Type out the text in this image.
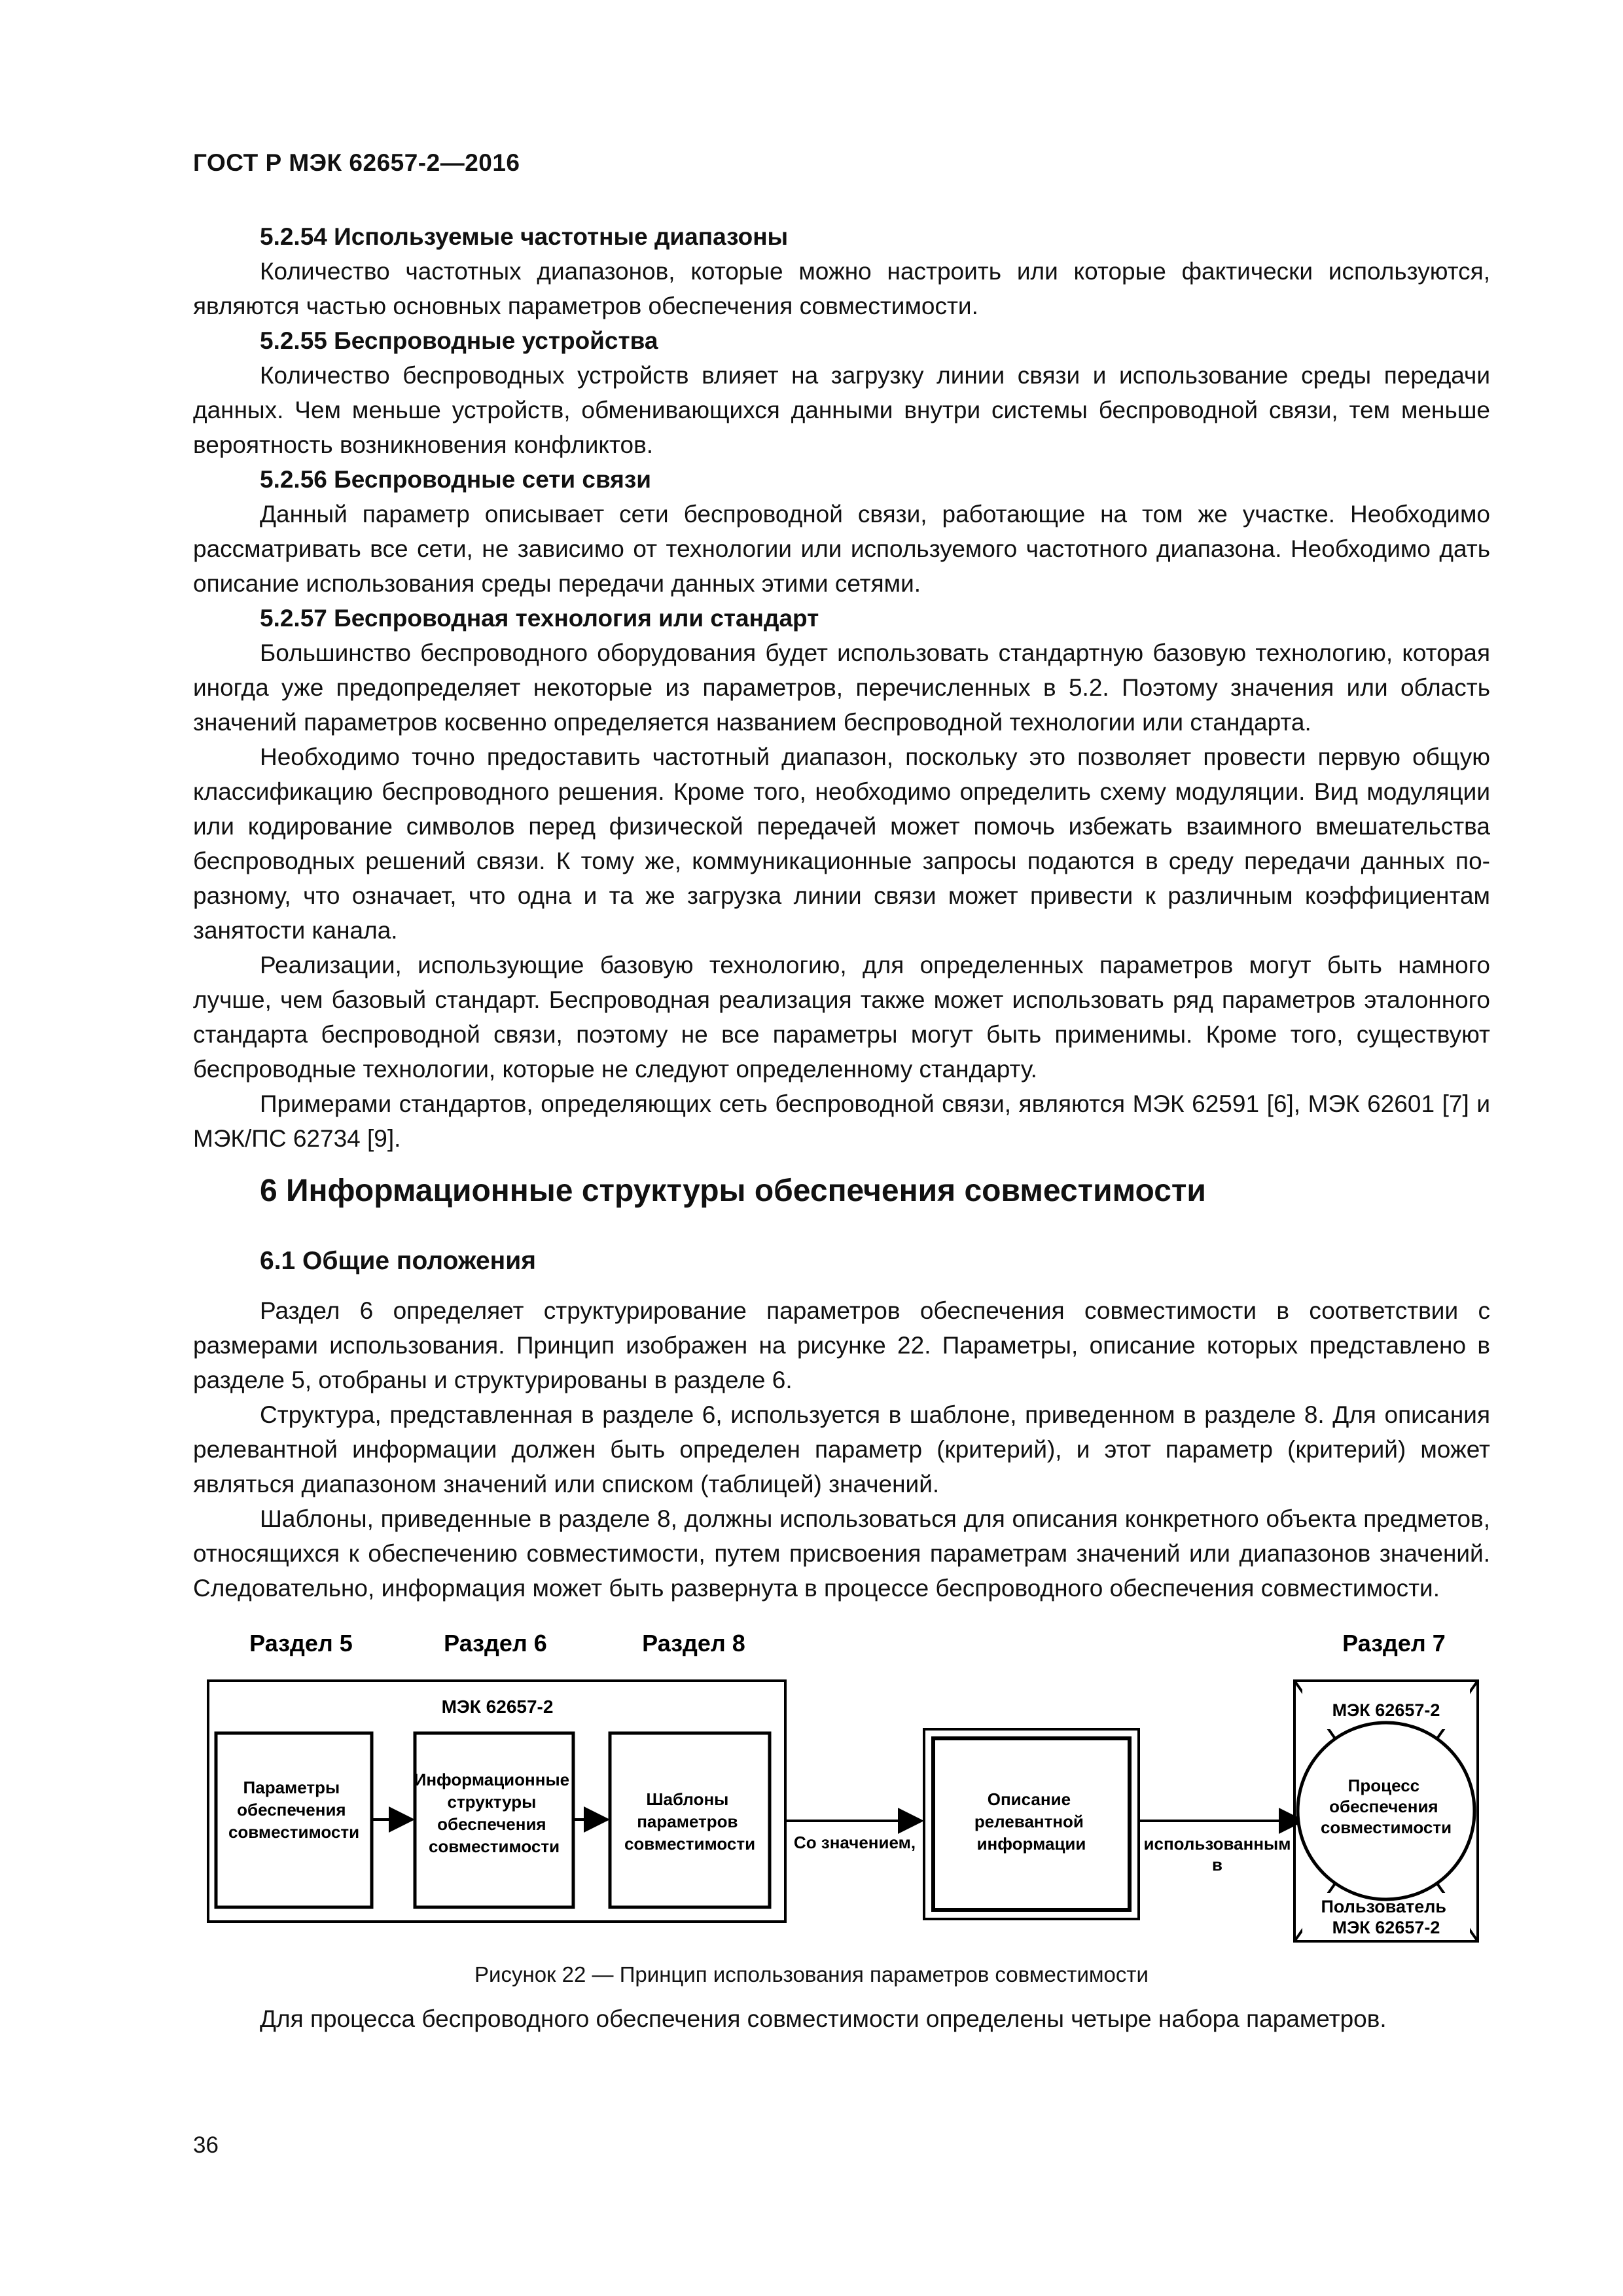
ГОСТ Р МЭК 62657-2—2016

5.2.54 Используемые частотные диапазоны

Количество частотных диапазонов, которые можно настроить или которые фактически используются, являются частью основных параметров обеспечения совместимости.

5.2.55 Беспроводные устройства

Количество беспроводных устройств влияет на загрузку линии связи и использование среды передачи данных. Чем меньше устройств, обменивающихся данными внутри системы беспроводной связи, тем меньше вероятность возникновения конфликтов.

5.2.56 Беспроводные сети связи

Данный параметр описывает сети беспроводной связи, работающие на том же участке. Необходимо рассматривать все сети, не зависимо от технологии или используемого частотного диапазона. Необходимо дать описание использования среды передачи данных этими сетями.

5.2.57 Беспроводная технология или стандарт

Большинство беспроводного оборудования будет использовать стандартную базовую технологию, которая иногда уже предопределяет некоторые из параметров, перечисленных в 5.2. Поэтому значения или область значений параметров косвенно определяется названием беспроводной технологии или стандарта.

Необходимо точно предоставить частотный диапазон, поскольку это позволяет провести первую общую классификацию беспроводного решения. Кроме того, необходимо определить схему модуляции. Вид модуляции или кодирование символов перед физической передачей может помочь избежать взаимного вмешательства беспроводных решений связи. К тому же, коммуникационные запросы подаются в среду передачи данных по-разному, что означает, что одна и та же загрузка линии связи может привести к различным коэффициентам занятости канала.

Реализации, использующие базовую технологию, для определенных параметров могут быть намного лучше, чем базовый стандарт. Беспроводная реализация также может использовать ряд параметров эталонного стандарта беспроводной связи, поэтому не все параметры могут быть применимы. Кроме того, существуют беспроводные технологии, которые не следуют определенному стандарту.

Примерами стандартов, определяющих сеть беспроводной связи, являются МЭК 62591 [6], МЭК 62601 [7] и МЭК/ПС 62734 [9].

6 Информационные структуры обеспечения совместимости

6.1 Общие положения

Раздел 6 определяет структурирование параметров обеспечения совместимости в соответствии с размерами использования. Принцип изображен на рисунке 22. Параметры, описание которых представлено в разделе 5, отобраны и структурированы в разделе 6.

Структура, представленная в разделе 6, используется в шаблоне, приведенном в разделе 8. Для описания релевантной информации должен быть определен параметр (критерий), и этот параметр (критерий) может являться диапазоном значений или списком (таблицей) значений.

Шаблоны, приведенные в разделе 8, должны использоваться для описания конкретного объекта предметов, относящихся к обеспечению совместимости, путем присвоения параметрам значений или диапазонов значений. Следовательно, информация может быть развернута в процессе беспроводного обеспечения совместимости.

Раздел 5	Раздел 6	Раздел 8	Раздел 7
МЭК 62657-2
Параметры обеспечения совместимости
Информационные структуры обеспечения совместимости
Шаблоны параметров совместимости Со значением,
Описание релевантной информации	использованным
в
МЭК 62657-2
Процесс обеспечения совместимости
Пользователь МЭК 62657-2
Рисунок 22 — Принцип использования параметров совместимости

Для процесса беспроводного обеспечения совместимости определены четыре набора параметров.

36
